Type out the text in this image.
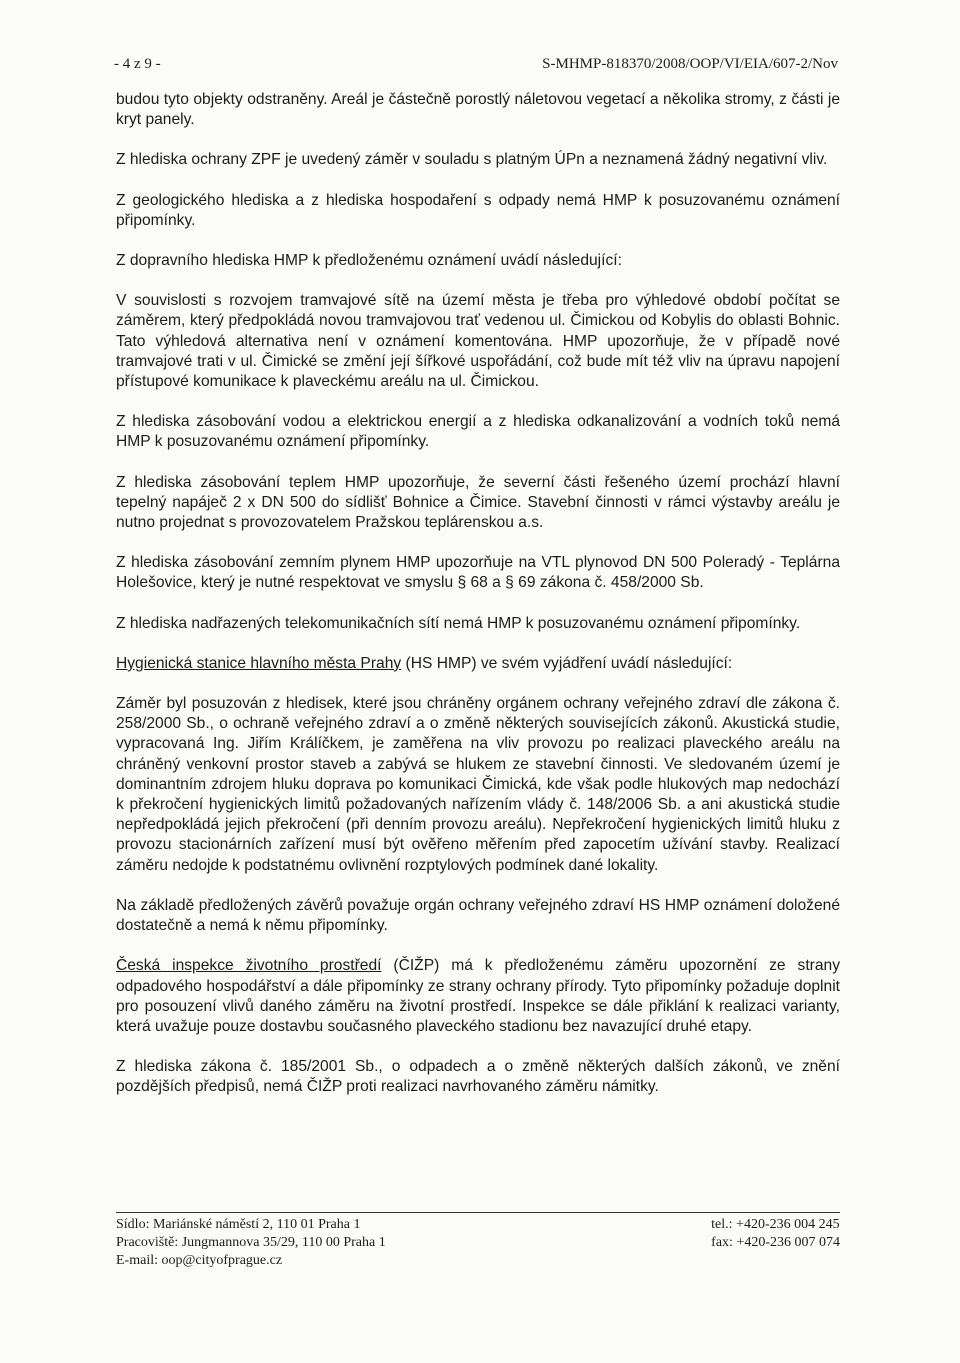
- 4 z 9 -	S-MHMP-818370/2008/OOP/VI/EIA/607-2/Nov

budou tyto objekty odstraněny. Areál je částečně porostlý náletovou vegetací a několika stromy, z části je kryt panely.

Z hlediska ochrany ZPF je uvedený záměr v souladu s platným ÚPn a neznamená žádný negativní vliv.

Z geologického hlediska a z hlediska hospodaření s odpady nemá HMP k posuzovanému oznámení připomínky.

Z dopravního hlediska HMP k předloženému oznámení uvádí následující:

V souvislosti s rozvojem tramvajové sítě na území města je třeba pro výhledové období počítat se záměrem, který předpokládá novou tramvajovou trať vedenou ul. Čimickou od Kobylis do oblasti Bohnic. Tato výhledová alternativa není v oznámení komentována. HMP upozorňuje, že v případě nové tramvajové trati v ul. Čimické se změní její šířkové uspořádání, což bude mít též vliv na úpravu napojení přístupové komunikace k plaveckému areálu na ul. Čimickou.

Z hlediska zásobování vodou a elektrickou energií a z hlediska odkanalizování a vodních toků nemá HMP k posuzovanému oznámení připomínky.

Z hlediska zásobování teplem HMP upozorňuje, že severní části řešeného území prochází hlavní tepelný napáječ 2 x DN 500 do sídlišť Bohnice a Čimice. Stavební činnosti v rámci výstavby areálu je nutno projednat s provozovatelem Pražskou teplárenskou a.s.

Z hlediska zásobování zemním plynem HMP upozorňuje na VTL plynovod DN 500 Poleradý - Teplárna Holešovice, který je nutné respektovat ve smyslu § 68 a § 69 zákona č. 458/2000 Sb.

Z hlediska nadřazených telekomunikačních sítí nemá HMP k posuzovanému oznámení připomínky.

Hygienická stanice hlavního města Prahy (HS HMP) ve svém vyjádření uvádí následující:

Záměr byl posuzován z hledisek, které jsou chráněny orgánem ochrany veřejného zdraví dle zákona č. 258/2000 Sb., o ochraně veřejného zdraví a o změně některých souvisejících zákonů. Akustická studie, vypracovaná Ing. Jiřím Králíčkem, je zaměřena na vliv provozu po realizaci plaveckého areálu na chráněný venkovní prostor staveb a zabývá se hlukem ze stavební činnosti. Ve sledovaném území je dominantním zdrojem hluku doprava po komunikaci Čimická, kde však podle hlukových map nedochází k překročení hygienických limitů požadovaných nařízením vlády č. 148/2006 Sb. a ani akustická studie nepředpokládá jejich překročení (při denním provozu areálu). Nepřekročení hygienických limitů hluku z provozu stacionárních zařízení musí být ověřeno měřením před zapocetím užívání stavby. Realizací záměru nedojde k podstatnému ovlivnění rozptylových podmínek dané lokality.

Na základě předložených závěrů považuje orgán ochrany veřejného zdraví HS HMP oznámení doložené dostatečně a nemá k němu připomínky.

Česká inspekce životního prostředí (ČIŽP) má k předloženému záměru upozornění ze strany odpadového hospodářství a dále připomínky ze strany ochrany přírody. Tyto připomínky požaduje doplnit pro posouzení vlivů daného záměru na životní prostředí. Inspekce se dále přiklání k realizaci varianty, která uvažuje pouze dostavbu současného plaveckého stadionu bez navazující druhé etapy.

Z hlediska zákona č. 185/2001 Sb., o odpadech a o změně některých dalších zákonů, ve znění pozdějších předpisů, nemá ČIŽP proti realizaci navrhovaného záměru námitky.

Sídlo: Mariánské náměstí 2, 110 01 Praha 1
Pracoviště: Jungmannova 35/29, 110 00 Praha 1
E-mail: oop@cityofprague.cz
tel.: +420-236 004 245
fax: +420-236 007 074
